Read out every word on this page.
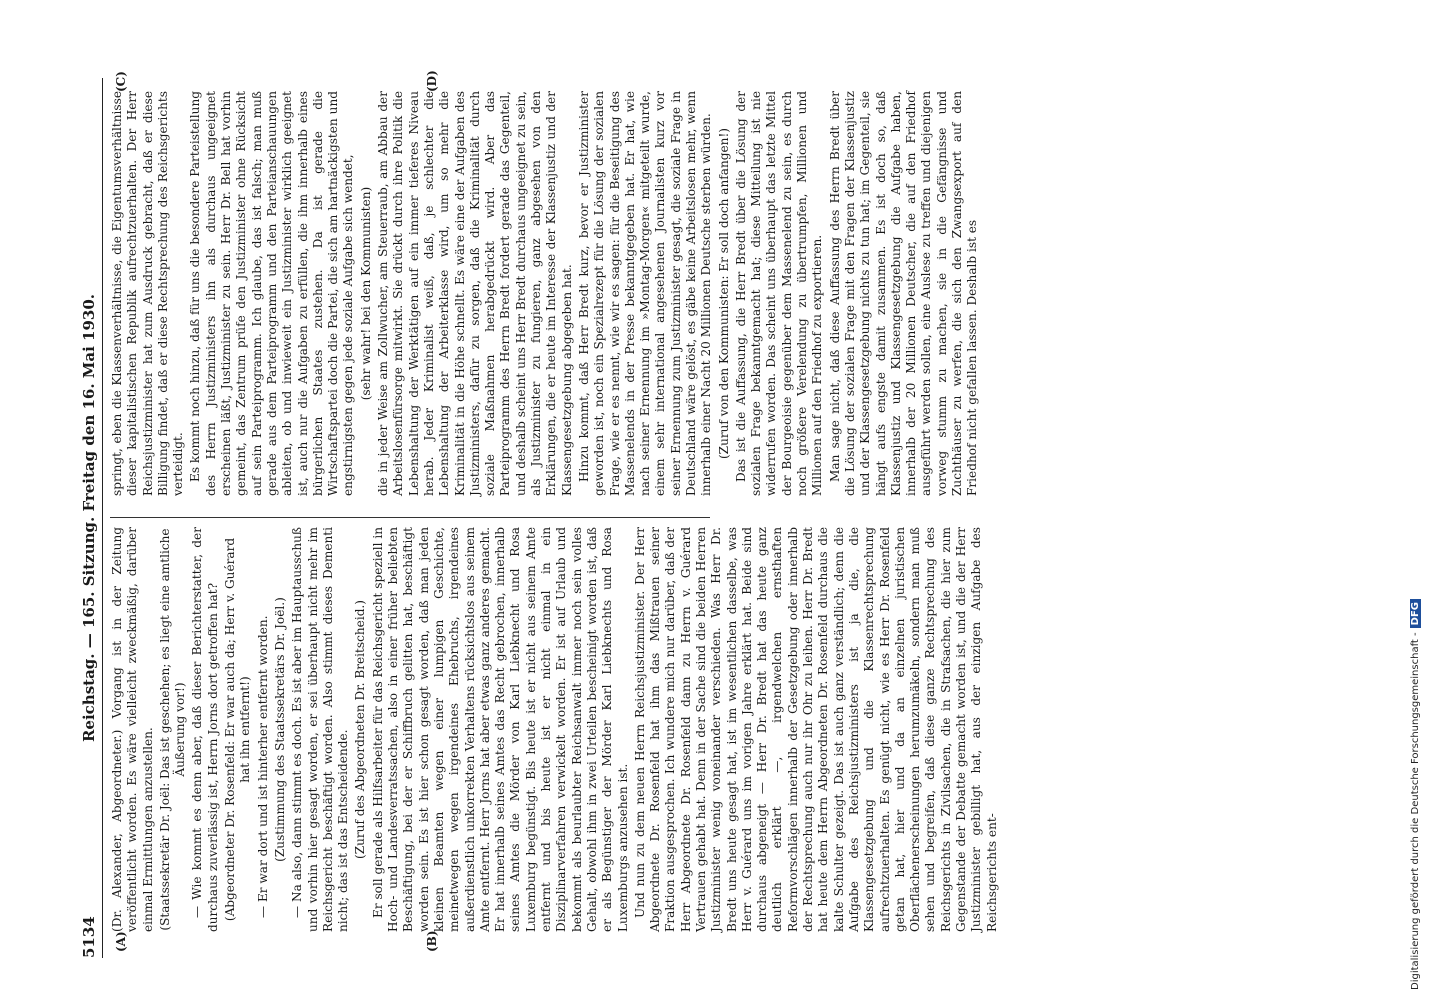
5134
Reichstag. — 165. Sitzung. Freitag den 16. Mai 1930.
(A)	(B)
(C)	(D)

(Dr. Alexander, Abgeordneter.) Vorgang ist in der Zeitung veröffentlicht worden. Es wäre vielleicht zweckmäßig, darüber einmal Ermittlungen anzustellen. (Staatssekretär Dr. Joël: Das ist geschehen; es liegt eine amtliche Äußerung vor!) — Wie kommt es denn aber, daß dieser Berichterstatter, der durchaus zuverlässig ist, Herrn Jorns dort getroffen hat? (Abgeordneter Dr. Rosenfeld: Er war auch da; Herr v. Guérard hat ihn entfernt!) — Er war dort und ist hinterher entfernt worden. (Zustimmung des Staatssekretärs Dr. Joël.) — Na also, dann stimmt es doch. Es ist aber im Hauptausschuß und vorhin hier gesagt worden, er sei überhaupt nicht mehr im Reichsgericht beschäftigt worden. Also stimmt dieses Dementi nicht; das ist das Entscheidende. (Zuruf des Abgeordneten Dr. Breitscheid.) Er soll gerade als Hilfsarbeiter für das Reichsgericht speziell in Hoch- und Landesverratssachen, also in einer früher beliebten Beschäftigung, bei der er Schiffbruch gelitten hat, beschäftigt worden sein. Es ist hier schon gesagt worden, daß man jeden kleinen Beamten wegen einer lumpigen Geschichte, meinetwegen wegen irgendeines Ehebruchs, irgendeines außerdienstlich unkorrekten Verhaltens rücksichtslos aus seinem Amte entfernt. Herr Jorns hat aber etwas ganz anderes gemacht. Er hat innerhalb seines Amtes das Recht gebrochen, innerhalb seines Amtes die Mörder von Karl Liebknecht und Rosa Luxemburg begünstigt. Bis heute ist er nicht aus seinem Amte entfernt und bis heute ist er nicht einmal in ein Disziplinarverfahren verwickelt worden. Er ist auf Urlaub und bekommt als beurlaubter Reichsanwalt immer noch sein volles Gehalt, obwohl ihm in zwei Urteilen bescheinigt worden ist, daß er als Begünstiger der Mörder Karl Liebknechts und Rosa Luxemburgs anzusehen ist. Und nun zu dem neuen Herrn Reichsjustizminister. Der Herr Abgeordnete Dr. Rosenfeld hat ihm das Mißtrauen seiner Fraktion ausgesprochen. Ich wundere mich nur darüber, daß der Herr Abgeordnete Dr. Rosenfeld dann zu Herrn v. Guérard Vertrauen gehabt hat. Denn in der Sache sind die beiden Herren Justizminister wenig voneinander verschieden. Was Herr Dr. Bredt uns heute gesagt hat, ist im wesentlichen dasselbe, was Herr v. Guérard uns im vorigen Jahre erklärt hat. Beide sind durchaus abgeneigt — Herr Dr. Bredt hat das heute ganz deutlich erklärt —, irgendwelchen ernsthaften Reformvorschlägen innerhalb der Gesetzgebung oder innerhalb der Rechtsprechung auch nur ihr Ohr zu leihen. Herr Dr. Bredt hat heute dem Herrn Abgeordneten Dr. Rosenfeld durchaus die kalte Schulter gezeigt. Das ist auch ganz verständlich; denn die Aufgabe des Reichsjustizministers ist ja die, die Klassengesetzgebung und die Klassenrechtsprechung aufrechtzuerhalten. Es genügt nicht, wie es Herr Dr. Rosenfeld getan hat, hier und da an einzelnen juristischen Oberflächenerscheinungen herumzumäkeln, sondern man muß sehen und begreifen, daß diese ganze Rechtsprechung des Reichsgerichts in Zivilsachen, die in Strafsachen, die hier zum Gegenstande der Debatte gemacht worden ist, und die der Herr Justizminister gebilligt hat, aus der einzigen Aufgabe des Reichsgerichts ent-

springt, eben die Klassenverhältnisse, die Eigentumsverhältnisse dieser kapitalistischen Republik aufrechtzuerhalten. Der Herr Reichsjustizminister hat zum Ausdruck gebracht, daß er diese Billigung findet, daß er diese Rechtsprechung des Reichsgerichts verteidigt. Es kommt noch hinzu, daß für uns die besondere Parteistellung des Herrn Justizministers ihn als durchaus ungeeignet erscheinen läßt, Justizminister zu sein. Herr Dr. Bell hat vorhin gemeint, das Zentrum prüfe den Justizminister ohne Rücksicht auf sein Parteiprogramm. Ich glaube, das ist falsch; man muß gerade aus dem Parteiprogramm und den Parteianschauungen ableiten, ob und inwieweit ein Justizminister wirklich geeignet ist, auch nur die Aufgaben zu erfüllen, die ihm innerhalb eines bürgerlichen Staates zustehen. Da ist gerade die Wirtschaftspartei doch die Partei, die sich am hartnäckigsten und engstirnigsten gegen jede soziale Aufgabe sich wendet, (sehr wahr! bei den Kommunisten) die in jeder Weise am Zollwucher, am Steuerraub, am Abbau der Arbeitslosenfürsorge mitwirkt. Sie drückt durch ihre Politik die Lebenshaltung der Werktätigen auf ein immer tieferes Niveau herab. Jeder Kriminalist weiß, daß, je schlechter die Lebenshaltung der Arbeiterklasse wird, um so mehr die Kriminalität in die Höhe schnellt. Es wäre eine der Aufgaben des Justizministers, dafür zu sorgen, daß die Kriminalität durch soziale Maßnahmen herabgedrückt wird. Aber das Parteiprogramm des Herrn Bredt fordert gerade das Gegenteil, und deshalb scheint uns Herr Bredt durchaus ungeeignet zu sein, als Justizminister zu fungieren, ganz abgesehen von den Erklärungen, die er heute im Interesse der Klassenjustiz und der Klassengesetzgebung abgegeben hat. Hinzu kommt, daß Herr Bredt kurz, bevor er Justizminister geworden ist, noch ein Spezialrezept für die Lösung der sozialen Frage, wie er es nennt, wie wir es sagen: für die Beseitigung des Massenelends in der Presse bekanntgegeben hat. Er hat, wie nach seiner Ernennung im »Montag-Morgen« mitgeteilt wurde, einem sehr international angesehenen Journalisten kurz vor seiner Ernennung zum Justizminister gesagt, die soziale Frage in Deutschland wäre gelöst, es gäbe keine Arbeitslosen mehr, wenn innerhalb einer Nacht 20 Millionen Deutsche sterben würden. (Zuruf von den Kommunisten: Er soll doch anfangen!) Das ist die Auffassung, die Herr Bredt über die Lösung der sozialen Frage bekanntgemacht hat; diese Mitteilung ist nie widerrufen worden. Das scheint uns überhaupt das letzte Mittel der Bourgeoisie gegenüber dem Massenelend zu sein, es durch noch größere Verelendung zu übertrumpfen, Millionen und Millionen auf den Friedhof zu exportieren. Man sage nicht, daß diese Auffassung des Herrn Bredt über die Lösung der sozialen Frage mit den Fragen der Klassenjustiz und der Klassengesetzgebung nichts zu tun hat; im Gegenteil, sie hängt aufs engste damit zusammen. Es ist doch so, daß Klassenjustiz und Klassengesetzgebung die Aufgabe haben, innerhalb der 20 Millionen Deutscher, die auf den Friedhof ausgeführt werden sollen, eine Auslese zu treffen und diejenigen vorweg stumm zu machen, sie in die Gefängnisse und Zuchthäuser zu werfen, die sich den Zwangsexport auf den Friedhof nicht gefallen lassen. Deshalb ist es

Digitalisierung gefördert durch die Deutsche Forschungsgemeinschaft -DFG
